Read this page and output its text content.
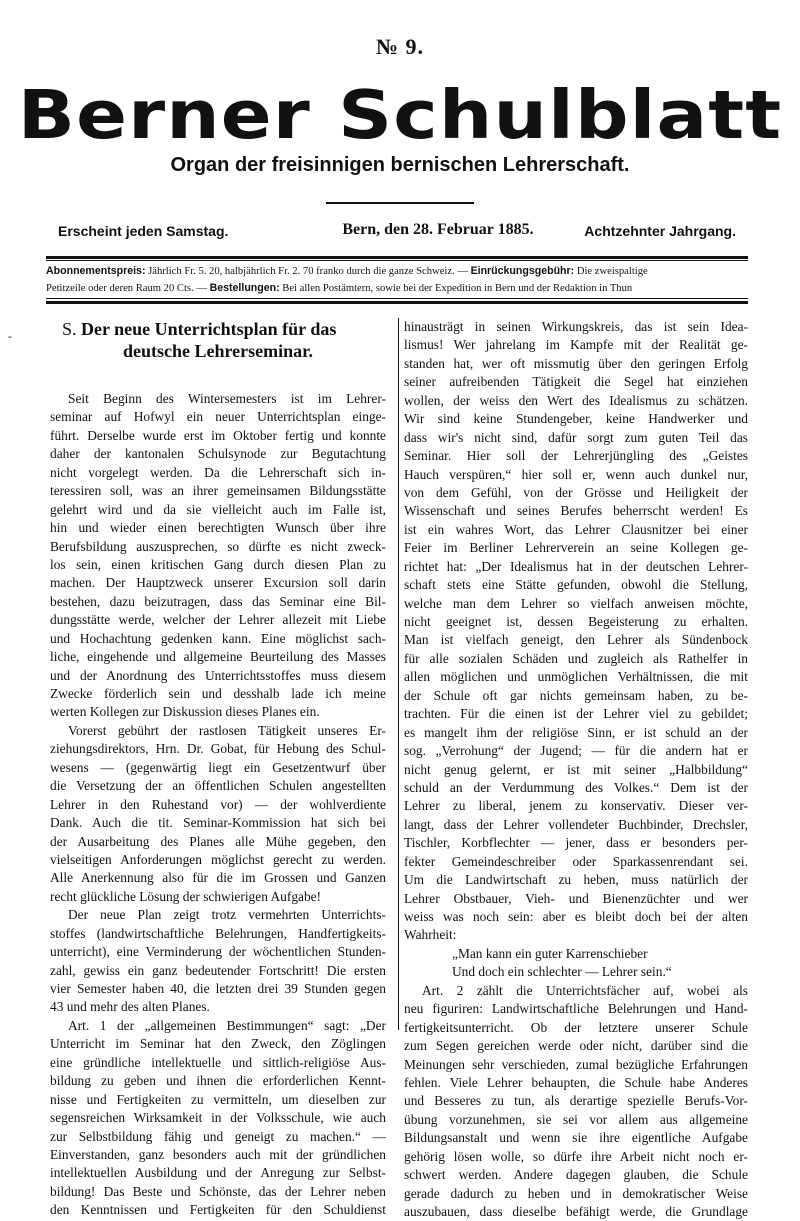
№ 9.
Berner Schulblatt
Organ der freisinnigen bernischen Lehrerschaft.
Erscheint jeden Samstag.	Bern, den 28. Februar 1885.	Achtzehnter Jahrgang.
Abonnementspreis: Jährlich Fr. 5. 20, halbjährlich Fr. 2. 70 franko durch die ganze Schweiz. — Einrückungsgebühr: Die zweispaltige
Petitzeile oder deren Raum 20 Cts. — Bestellungen: Bei allen Postämtern, sowie bei der Expedition in Bern und der Redaktion in Thun
-	S. Der neue Unterrichtsplan für das
deutsche Lehrerseminar.
Seit Beginn des Wintersemesters ist im Lehrer-
seminar auf Hofwyl ein neuer Unterrichtsplan einge-
führt. Derselbe wurde erst im Oktober fertig und konnte
daher der kantonalen Schulsynode zur Begutachtung
nicht vorgelegt werden. Da die Lehrerschaft sich in-
teressiren soll, was an ihrer gemeinsamen Bildungsstätte
gelehrt wird und da sie vielleicht auch im Falle ist,
hin und wieder einen berechtigten Wunsch über ihre
Berufsbildung auszusprechen, so dürfte es nicht zweck-
los sein, einen kritischen Gang durch diesen Plan zu
machen. Der Hauptzweck unserer Excursion soll darin
bestehen, dazu beizutragen, dass das Seminar eine Bil-
dungsstätte werde, welcher der Lehrer allezeit mit Liebe
und Hochachtung gedenken kann. Eine möglichst sach-
liche, eingehende und allgemeine Beurteilung des Masses
und der Anordnung des Unterrichtsstoffes muss diesem
Zwecke förderlich sein und desshalb lade ich meine
werten Kollegen zur Diskussion dieses Planes ein.
Vorerst gebührt der rastlosen Tätigkeit unseres Er-
ziehungsdirektors, Hrn. Dr. Gobat, für Hebung des Schul-
wesens — (gegenwärtig liegt ein Gesetzentwurf über
die Versetzung der an öffentlichen Schulen angestellten
Lehrer in den Ruhestand vor) — der wohlverdiente
Dank. Auch die tit. Seminar-Kommission hat sich bei
der Ausarbeitung des Planes alle Mühe gegeben, den
vielseitigen Anforderungen möglichst gerecht zu werden.
Alle Anerkennung also für die im Grossen und Ganzen
recht glückliche Lösung der schwierigen Aufgabe!
Der neue Plan zeigt trotz vermehrten Unterrichts-
stoffes (landwirtschaftliche Belehrungen, Handfertigkeits-
unterricht), eine Verminderung der wöchentlichen Stunden-
zahl, gewiss ein ganz bedeutender Fortschritt! Die ersten
vier Semester haben 40, die letzten drei 39 Stunden gegen
43 und mehr des alten Planes.
Art. 1 der „allgemeinen Bestimmungen“ sagt: „Der
Unterricht im Seminar hat den Zweck, den Zöglingen
eine gründliche intellektuelle und sittlich-religiöse Aus-
bildung zu geben und ihnen die erforderlichen Kennt-
nisse und Fertigkeiten zu vermitteln, um dieselben zur
segensreichen Wirksamkeit in der Volksschule, wie auch
zur Selbstbildung fähig und geneigt zu machen.“ —
Einverstanden, ganz besonders auch mit der gründlichen
intellektuellen Ausbildung und der Anregung zur Selbst-
bildung! Das Beste und Schönste, das der Lehrer neben
den Kenntnissen und Fertigkeiten für den Schuldienst
hinausträgt in seinen Wirkungskreis, das ist sein Idea-
lismus! Wer jahrelang im Kampfe mit der Realität ge-
standen hat, wer oft missmutig über den geringen Erfolg
seiner aufreibenden Tätigkeit die Segel hat einziehen
wollen, der weiss den Wert des Idealismus zu schätzen.
Wir sind keine Stundengeber, keine Handwerker und
dass wir's nicht sind, dafür sorgt zum guten Teil das
Seminar. Hier soll der Lehrerjüngling des „Geistes
Hauch verspüren,“ hier soll er, wenn auch dunkel nur,
von dem Gefühl, von der Grösse und Heiligkeit der
Wissenschaft und seines Berufes beherrscht werden! Es
ist ein wahres Wort, das Lehrer Clausnitzer bei einer
Feier im Berliner Lehrerverein an seine Kollegen ge-
richtet hat: „Der Idealismus hat in der deutschen Lehrer-
schaft stets eine Stätte gefunden, obwohl die Stellung,
welche man dem Lehrer so vielfach anweisen möchte,
nicht geeignet ist, dessen Begeisterung zu erhalten.
Man ist vielfach geneigt, den Lehrer als Sündenbock
für alle sozialen Schäden und zugleich als Rathelfer in
allen möglichen und unmöglichen Verhältnissen, die mit
der Schule oft gar nichts gemeinsam haben, zu be-
trachten. Für die einen ist der Lehrer viel zu gebildet;
es mangelt ihm der religiöse Sinn, er ist schuld an der
sog. „Verrohung“ der Jugend; — für die andern hat er
nicht genug gelernt, er ist mit seiner „Halbbildung“
schuld an der Verdummung des Volkes.“ Dem ist der
Lehrer zu liberal, jenem zu konservativ. Dieser ver-
langt, dass der Lehrer vollendeter Buchbinder, Drechsler,
Tischler, Korbflechter — jener, dass er besonders per-
fekter Gemeindeschreiber oder Sparkassenrendant sei.
Um die Landwirtschaft zu heben, muss natürlich der
Lehrer Obstbauer, Vieh- und Bienenzüchter und wer
weiss was noch sein: aber es bleibt doch bei der alten
Wahrheit:
„Man kann ein guter Karrenschieber
Und doch ein schlechter — Lehrer sein.“
Art. 2 zählt die Unterrichtsfächer auf, wobei als
neu figuriren: Landwirtschaftliche Belehrungen und Hand-
fertigkeitsunterricht. Ob der letztere unserer Schule
zum Segen gereichen werde oder nicht, darüber sind die
Meinungen sehr verschieden, zumal bezügliche Erfahrungen
fehlen. Viele Lehrer behaupten, die Schule habe Anderes
und Besseres zu tun, als derartige spezielle Berufs-Vor-
übung vorzunehmen, sie sei vor allem aus allgemeine
Bildungsanstalt und wenn sie ihre eigentliche Aufgabe
gehörig lösen wolle, so dürfe ihre Arbeit nicht noch er-
schwert werden. Andere dagegen glauben, die Schule
gerade dadurch zu heben und in demokratischer Weise
auszubauen, dass dieselbe befähigt werde, die Grundlage
